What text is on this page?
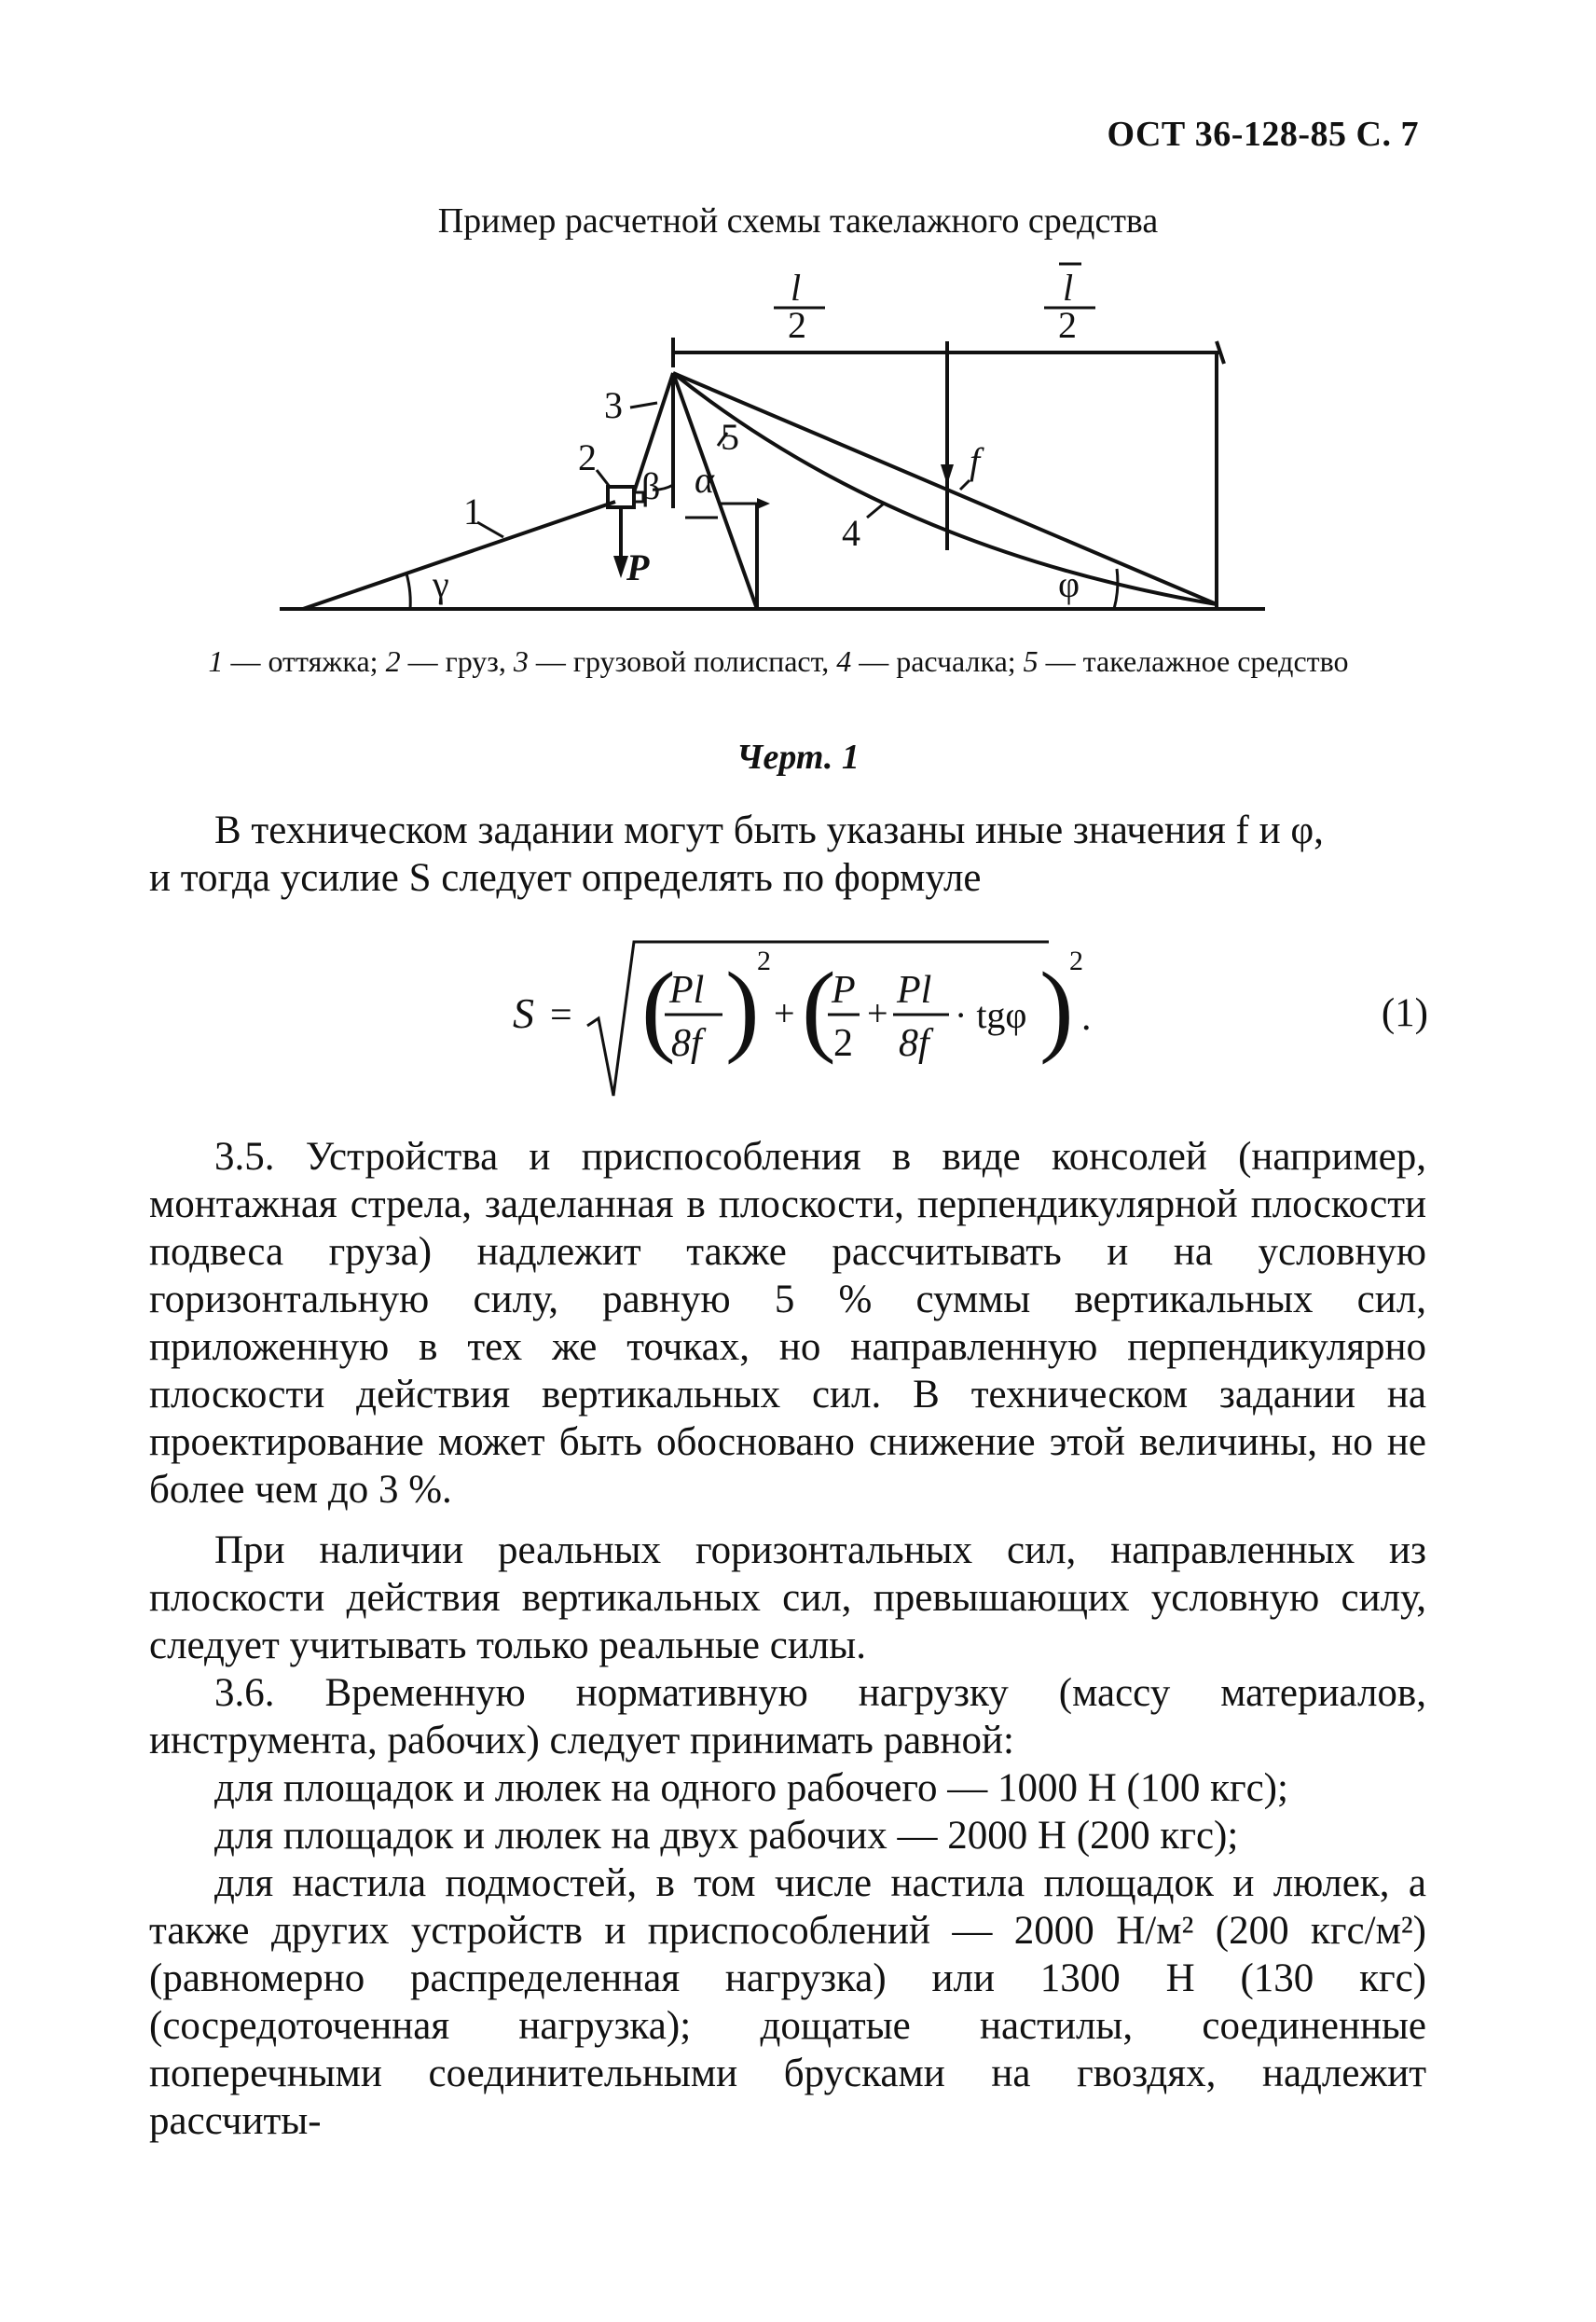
ОСТ 36-128-85 С. 7
Пример расчетной схемы такелажного средства
l
2
l
2
1
2
3
4
5
γ
β α
φ
P
f
1 — оттяжка; 2 — груз, 3 — грузовой полиспаст, 4 — расчалка; 5 — такелажное средство
Черт. 1

В техническом задании могут быть указаны иные значения f и φ,

и тогда усилие S следует определять по формуле

S = (
Pl
8f )
2
+ (
P
2
+
Pl
8f
· tgφ )
2
.	(1)

3.5. Устройства и приспособления в виде консолей (например, монтажная стрела, заделанная в плоскости, перпендикулярной плоскости подвеса груза) надлежит также рассчитывать и на условную горизонтальную силу, равную 5 % суммы вертикальных сил, приложенную в тех же точках, но направленную перпендикулярно плоскости действия вертикальных сил. В техническом задании на проектирование может быть обосновано снижение этой величины, но не более чем до 3 %.

При наличии реальных горизонтальных сил, направленных из плоскости действия вертикальных сил, превышающих условную силу, следует учитывать только реальные силы.

3.6. Временную нормативную нагрузку (массу материалов, инструмента, рабочих) следует принимать равной:

для площадок и люлек на одного рабочего — 1000 Н (100 кгс);

для площадок и люлек на двух рабочих — 2000 Н (200 кгс);

для настила подмостей, в том числе настила площадок и люлек, а также других устройств и приспособлений — 2000 Н/м² (200 кгс/м²) (равномерно распределенная нагрузка) или 1300 Н (130 кгс) (сосредоточенная нагрузка); дощатые настилы, соединенные поперечными соединительными брусками на гвоздях, надлежит рассчиты-
